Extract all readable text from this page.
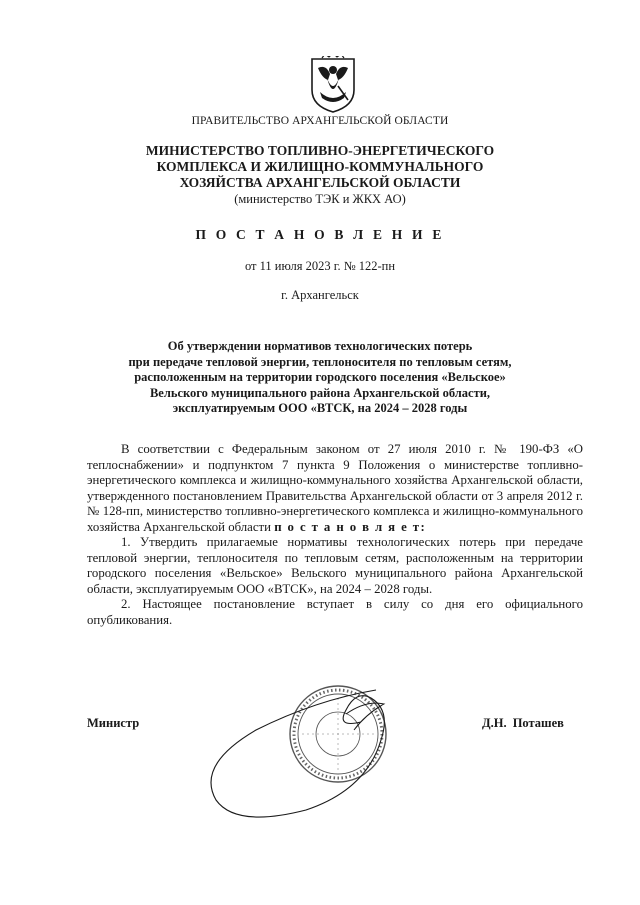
ПРАВИТЕЛЬСТВО АРХАНГЕЛЬСКОЙ ОБЛАСТИ
МИНИСТЕРСТВО ТОПЛИВНО-ЭНЕРГЕТИЧЕСКОГО
КОМПЛЕКСА И ЖИЛИЩНО-КОММУНАЛЬНОГО
ХОЗЯЙСТВА АРХАНГЕЛЬСКОЙ ОБЛАСТИ
(министерство ТЭК и ЖКХ АО)
П О С Т А Н О В Л Е Н И Е
от 11 июля 2023 г. № 122-пн
г. Архангельск
Об утверждении нормативов технологических потерь
при передаче тепловой энергии, теплоносителя по тепловым сетям,
расположенным на территории городского поселения «Вельское»
Вельского муниципального района Архангельской области,
эксплуатируемым ООО «ВТСК, на 2024 – 2028 годы

В соответствии с Федеральным законом от 27 июля 2010 г. № 190-ФЗ «О теплоснабжении» и подпунктом 7 пункта 9 Положения о министерстве топливно-энергетического комплекса и жилищно-коммунального хозяйства Архангельской области, утвержденного постановлением Правительства Архангельской области от 3 апреля 2012 г. № 128-пп, министерство топливно-энергетического комплекса и жилищно-коммунального хозяйства Архангельской области п о с т а н о в л я е т:

1. Утвердить прилагаемые нормативы технологических потерь при передаче тепловой энергии, теплоносителя по тепловым сетям, расположенным на территории городского поселения «Вельское» Вельского муниципального района Архангельской области, эксплуатируемым ООО «ВТСК», на 2024 – 2028 годы.

2. Настоящее постановление вступает в силу со дня его официального опубликования.

Министр	Д.Н. Поташев
